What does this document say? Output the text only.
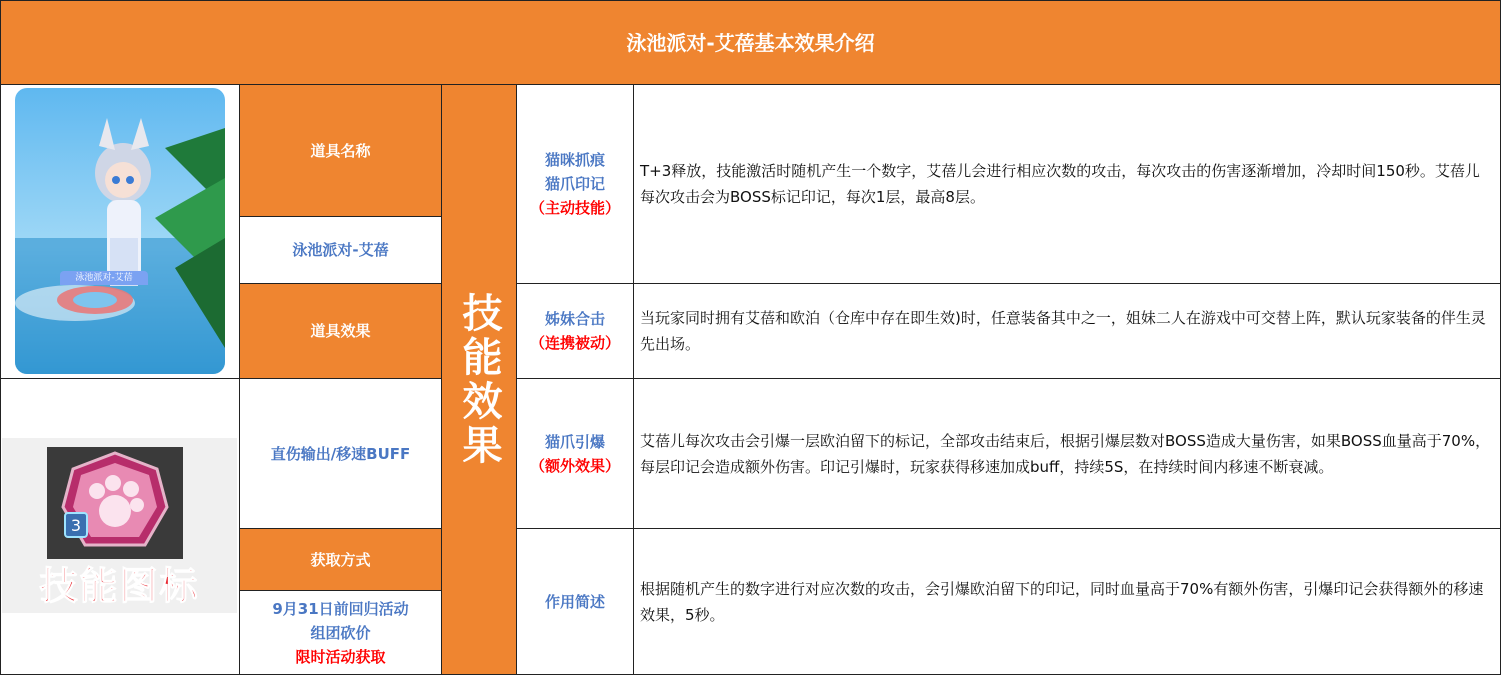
泳池派对-艾蓓基本效果介绍
泳池派对-艾蓓
道具名称
泳池派对-艾蓓
道具效果
3
技能图标
直伤输出/移速BUFF
获取方式
9月31日前回归活动
组团砍价
限时活动获取
技能效果
猫咪抓痕
猫爪印记
（主动技能）
T+3释放，技能激活时随机产生一个数字，艾蓓儿会进行相应次数的攻击，每次攻击的伤害逐渐增加，冷却时间150秒。艾蓓儿每次攻击会为BOSS标记印记，每次1层，最高8层。
姊妹合击
（连携被动）
当玩家同时拥有艾蓓和欧泊（仓库中存在即生效)时，任意装备其中之一，姐妹二人在游戏中可交替上阵，默认玩家装备的伴生灵先出场。
猫爪引爆
（额外效果）
艾蓓儿每次攻击会引爆一层欧泊留下的标记，全部攻击结束后，根据引爆层数对BOSS造成大量伤害，如果BOSS血量高于70%，每层印记会造成额外伤害。印记引爆时，玩家获得移速加成buff，持续5S，在持续时间内移速不断衰减。
作用简述
根据随机产生的数字进行对应次数的攻击，会引爆欧泊留下的印记，同时血量高于70%有额外伤害，引爆印记会获得额外的移速效果，5秒。
